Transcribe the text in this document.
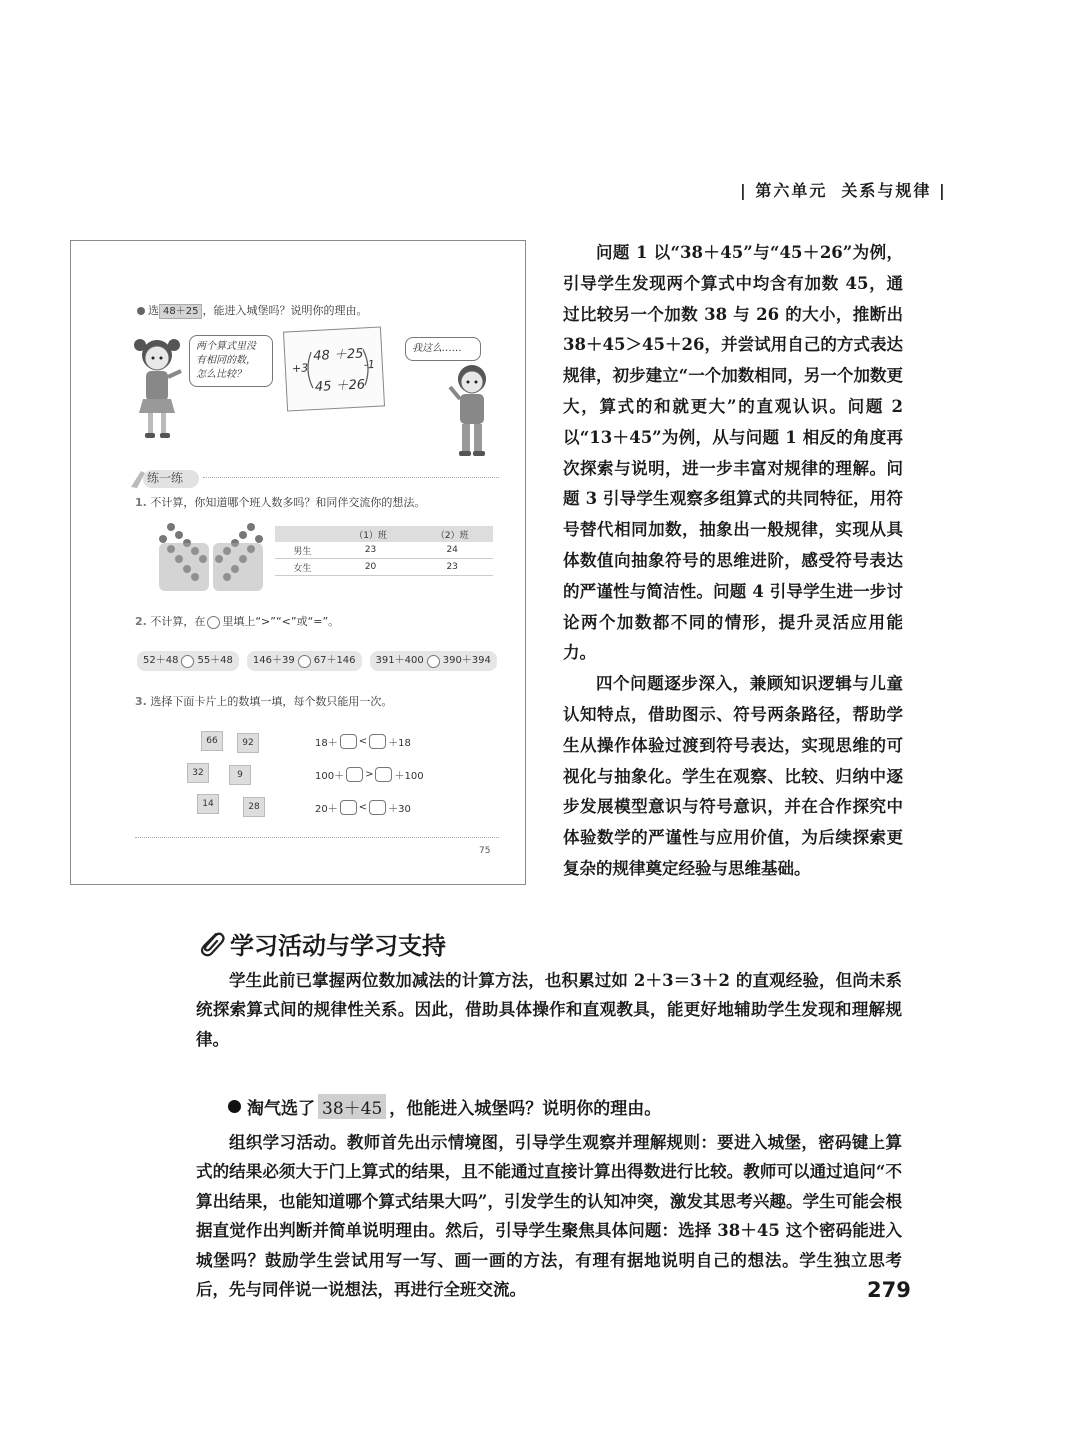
| 第六单元 关系与规律 |
选 48＋25 ，能进入城堡吗？说明你的理由。
两个算式里没
有相同的数，
怎么比较？
48 ＋25
45 ＋26
+3	-1
我这么……
练一练
1. 不计算，你知道哪个班人数多吗？和同伴交流你的想法。
	（1）班	（2）班
男生	23	24
女生	20	23
2. 不计算，在 里填上“>”“<”或“=”。
52＋48 55＋48 146＋39 67＋146 391＋400 390＋394
3. 选择下面卡片上的数填一填，每个数只能用一次。
66	92
32	9
14	28
18＋ < ＋18
100＋ > ＋100
20＋ < ＋30
75

问题 1 以“38＋45”与“45＋26”为例，引导学生发现两个算式中均含有加数 45，通过比较另一个加数 38 与 26 的大小，推断出 38＋45＞45＋26，并尝试用自己的方式表达规律，初步建立“一个加数相同，另一个加数更大，算式的和就更大”的直观认识。问题 2 以“13＋45”为例，从与问题 1 相反的角度再次探索与说明，进一步丰富对规律的理解。问题 3 引导学生观察多组算式的共同特征，用符号替代相同加数，抽象出一般规律，实现从具体数值向抽象符号的思维进阶，感受符号表达的严谨性与简洁性。问题 4 引导学生进一步讨论两个加数都不同的情形，提升灵活应用能力。

四个问题逐步深入，兼顾知识逻辑与儿童认知特点，借助图示、符号两条路径，帮助学生从操作体验过渡到符号表达，实现思维的可视化与抽象化。学生在观察、比较、归纳中逐步发展模型意识与符号意识，并在合作探究中体验数学的严谨性与应用价值，为后续探索更复杂的规律奠定经验与思维基础。

学习活动与学习支持

学生此前已掌握两位数加减法的计算方法，也积累过如 2＋3＝3＋2 的直观经验，但尚未系统探索算式间的规律性关系。因此，借助具体操作和直观教具，能更好地辅助学生发现和理解规律。

淘气选了 38＋45 ，他能进入城堡吗？说明你的理由。

组织学习活动。教师首先出示情境图，引导学生观察并理解规则：要进入城堡，密码键上算式的结果必须大于门上算式的结果，且不能通过直接计算出得数进行比较。教师可以通过追问“不算出结果，也能知道哪个算式结果大吗”，引发学生的认知冲突，激发其思考兴趣。学生可能会根据直觉作出判断并简单说明理由。然后，引导学生聚焦具体问题：选择 38＋45 这个密码能进入城堡吗？鼓励学生尝试用写一写、画一画的方法，有理有据地说明自己的想法。学生独立思考后，先与同伴说一说想法，再进行全班交流。	279
